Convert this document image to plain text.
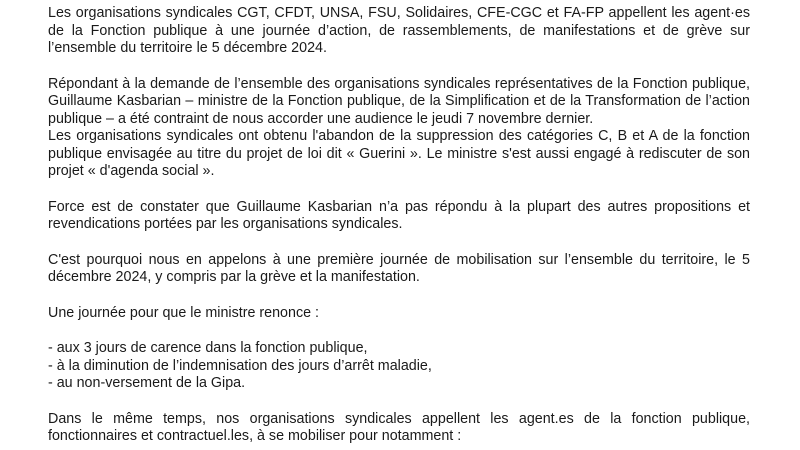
Les organisations syndicales CGT, CFDT, UNSA, FSU, Solidaires, CFE-CGC et FA-FP appellent les agent·es de la Fonction publique à une journée d’action, de rassemblements, de manifestations et de grève sur l’ensemble du territoire le 5 décembre 2024.

Répondant à la demande de l’ensemble des organisations syndicales représentatives de la Fonction publique, Guillaume Kasbarian – ministre de la Fonction publique, de la Simplification et de la Transformation de l’action publique – a été contraint de nous accorder une audience le jeudi 7 novembre dernier.

Les organisations syndicales ont obtenu l'abandon de la suppression des catégories C, B et A de la fonction publique envisagée au titre du projet de loi dit « Guerini ». Le ministre s'est aussi engagé à rediscuter de son projet « d'agenda social ».

Force est de constater que Guillaume Kasbarian n’a pas répondu à la plupart des autres propositions et revendications portées par les organisations syndicales.

C'est pourquoi nous en appelons à une première journée de mobilisation sur l’ensemble du territoire, le 5 décembre 2024, y compris par la grève et la manifestation.

Une journée pour que le ministre renonce :

- aux 3 jours de carence dans la fonction publique,
- à la diminution de l’indemnisation des jours d’arrêt maladie,
- au non-versement de la Gipa.

Dans le même temps, nos organisations syndicales appellent les agent.es de la fonction publique, fonctionnaires et contractuel.les, à se mobiliser pour notamment :
